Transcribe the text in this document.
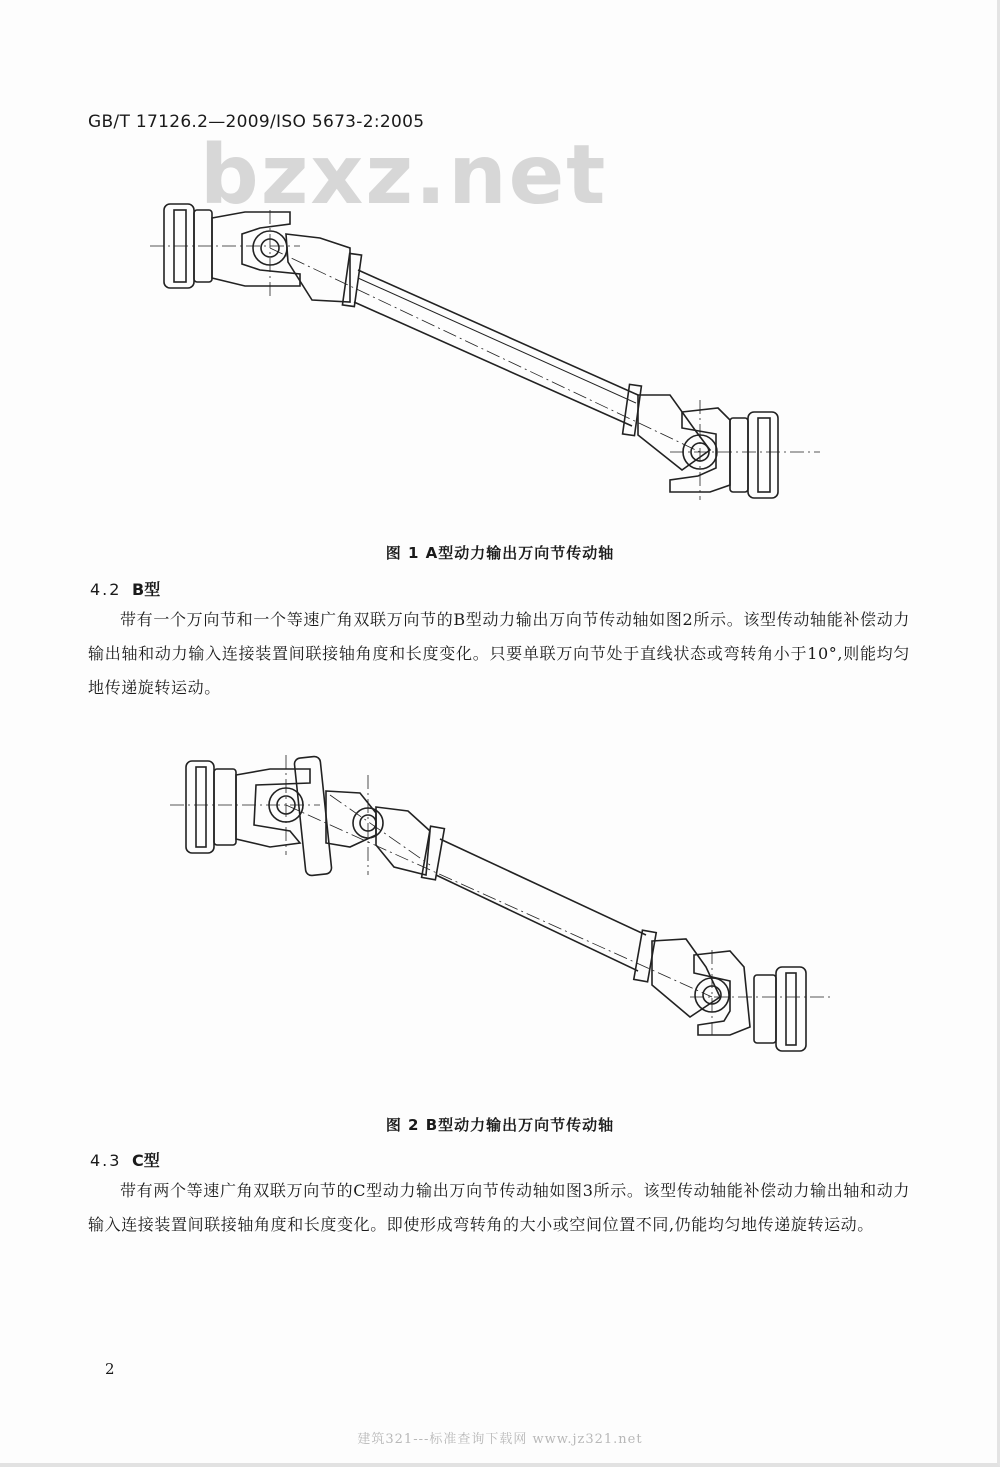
GB/T 17126.2—2009/ISO 5673-2:2005
bzxz.net
图 1 A型动力输出万向节传动轴
4.2 B型

带有一个万向节和一个等速广角双联万向节的B型动力输出万向节传动轴如图2所示。该型传动轴能补偿动力输出轴和动力输入连接装置间联接轴角度和长度变化。只要单联万向节处于直线状态或弯转角小于10°,则能均匀地传递旋转运动。

图 2 B型动力输出万向节传动轴
4.3 C型

带有两个等速广角双联万向节的C型动力输出万向节传动轴如图3所示。该型传动轴能补偿动力输出轴和动力输入连接装置间联接轴角度和长度变化。即使形成弯转角的大小或空间位置不同,仍能均匀地传递旋转运动。

2
建筑321---标准查询下载网 www.jz321.net
